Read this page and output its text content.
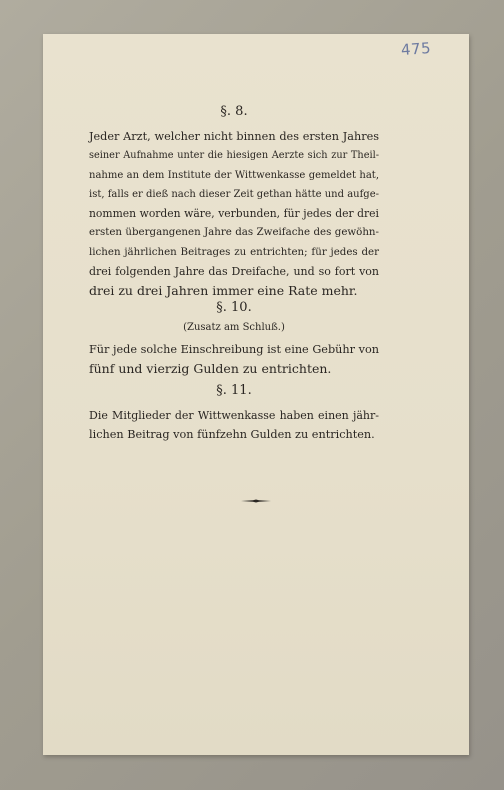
475
§. 8.
Jeder Arzt, welcher nicht binnen des ersten Jahres
seiner Aufnahme unter die hiesigen Aerzte sich zur Theil-
nahme an dem Institute der Wittwenkasse gemeldet hat,
ist, falls er dieß nach dieser Zeit gethan hätte und aufge-
nommen worden wäre, verbunden, für jedes der drei
ersten übergangenen Jahre das Zweifache des gewöhn-
lichen jährlichen Beitrages zu entrichten; für jedes der
drei folgenden Jahre das Dreifache, und so fort von
drei zu drei Jahren immer eine Rate mehr.
§. 10.
(Zusatz am Schluß.)
Für jede solche Einschreibung ist eine Gebühr von
fünf und vierzig Gulden zu entrichten.
§. 11.
Die Mitglieder der Wittwenkasse haben einen jähr-
lichen Beitrag von fünfzehn Gulden zu entrichten.
